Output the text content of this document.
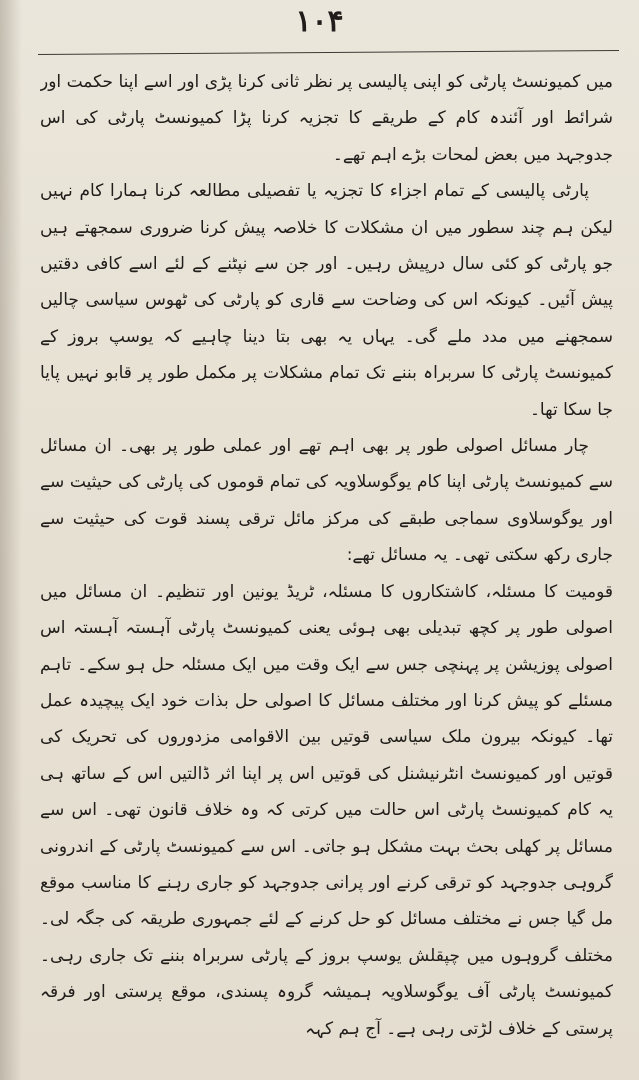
۱۰۴

میں کمیونسٹ پارٹی کو اپنی پالیسی پر نظر ثانی کرنا پڑی اور اسے اپنا حکمت اور شرائط اور آئندہ کام کے طریقے کا تجزیہ کرنا پڑا کمیونسٹ پارٹی کی اس جدوجہد میں بعض لمحات بڑے اہم تھے۔

پارٹی پالیسی کے تمام اجزاء کا تجزیہ یا تفصیلی مطالعہ کرنا ہمارا کام نہیں لیکن ہم چند سطور میں ان مشکلات کا خلاصہ پیش کرنا ضروری سمجھتے ہیں جو پارٹی کو کئی سال درپیش رہیں۔ اور جن سے نپٹنے کے لئے اسے کافی دقتیں پیش آئیں۔ کیونکہ اس کی وضاحت سے قاری کو پارٹی کی ٹھوس سیاسی چالیں سمجھنے میں مدد ملے گی۔ یہاں یہ بھی بتا دینا چاہیے کہ یوسپ بروز کے کمیونسٹ پارٹی کا سربراہ بننے تک تمام مشکلات پر مکمل طور پر قابو نہیں پایا جا سکا تھا۔

چار مسائل اصولی طور پر بھی اہم تھے اور عملی طور پر بھی۔ ان مسائل سے کمیونسٹ پارٹی اپنا کام یوگوسلاویہ کی تمام قوموں کی پارٹی کی حیثیت سے اور یوگوسلاوی سماجی طبقے کی مرکز مائل ترقی پسند قوت کی حیثیت سے جاری رکھ سکتی تھی۔ یہ مسائل تھے:

قومیت کا مسئلہ، کاشتکاروں کا مسئلہ، ٹریڈ یونین اور تنظیم۔ ان مسائل میں اصولی طور پر کچھ تبدیلی بھی ہوئی یعنی کمیونسٹ پارٹی آہستہ آہستہ اس اصولی پوزیشن پر پہنچی جس سے ایک وقت میں ایک مسئلہ حل ہو سکے۔ تاہم مسئلے کو پیش کرنا اور مختلف مسائل کا اصولی حل بذات خود ایک پیچیدہ عمل تھا۔ کیونکہ بیرون ملک سیاسی قوتیں بین الاقوامی مزدوروں کی تحریک کی قوتیں اور کمیونسٹ انٹرنیشنل کی قوتیں اس پر اپنا اثر ڈالتیں اس کے ساتھ ہی یہ کام کمیونسٹ پارٹی اس حالت میں کرتی کہ وہ خلاف قانون تھی۔ اس سے مسائل پر کھلی بحث بہت مشکل ہو جاتی۔ اس سے کمیونسٹ پارٹی کے اندرونی گروہی جدوجہد کو ترقی کرنے اور پرانی جدوجہد کو جاری رہنے کا مناسب موقع مل گیا جس نے مختلف مسائل کو حل کرنے کے لئے جمہوری طریقہ کی جگہ لی۔ مختلف گروہوں میں چپقلش یوسپ بروز کے پارٹی سربراہ بننے تک جاری رہی۔ کمیونسٹ پارٹی آف یوگوسلاویہ ہمیشہ گروہ پسندی، موقع پرستی اور فرقہ پرستی کے خلاف لڑتی رہی ہے۔ آج ہم کہہ
